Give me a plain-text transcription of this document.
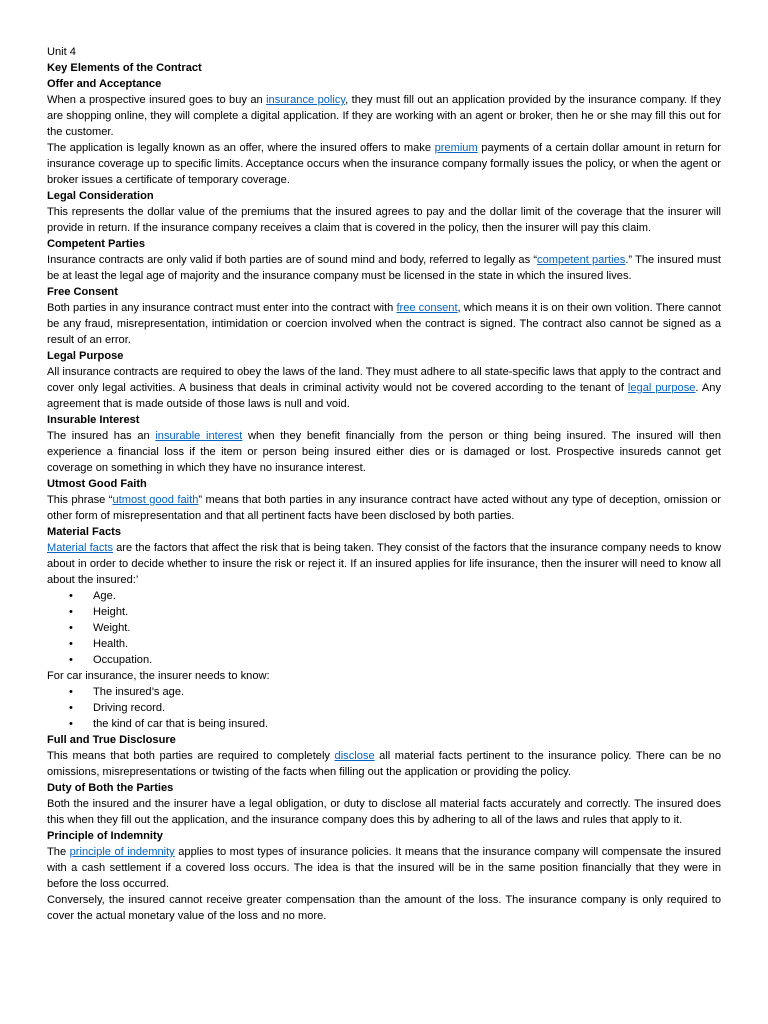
Unit 4
Key Elements of the Contract
Offer and Acceptance

When a prospective insured goes to buy an insurance policy, they must fill out an application provided by the insurance company. If they are shopping online, they will complete a digital application. If they are working with an agent or broker, then he or she may fill this out for the customer.

The application is legally known as an offer, where the insured offers to make premium payments of a certain dollar amount in return for insurance coverage up to specific limits. Acceptance occurs when the insurance company formally issues the policy, or when the agent or broker issues a certificate of temporary coverage.

Legal Consideration

This represents the dollar value of the premiums that the insured agrees to pay and the dollar limit of the coverage that the insurer will provide in return. If the insurance company receives a claim that is covered in the policy, then the insurer will pay this claim.

Competent Parties

Insurance contracts are only valid if both parties are of sound mind and body, referred to legally as “competent parties.” The insured must be at least the legal age of majority and the insurance company must be licensed in the state in which the insured lives.

Free Consent

Both parties in any insurance contract must enter into the contract with free consent, which means it is on their own volition. There cannot be any fraud, misrepresentation, intimidation or coercion involved when the contract is signed. The contract also cannot be signed as a result of an error.

Legal Purpose

All insurance contracts are required to obey the laws of the land. They must adhere to all state-specific laws that apply to the contract and cover only legal activities. A business that deals in criminal activity would not be covered according to the tenant of legal purpose. Any agreement that is made outside of those laws is null and void.

Insurable Interest

The insured has an insurable interest when they benefit financially from the person or thing being insured. The insured will then experience a financial loss if the item or person being insured either dies or is damaged or lost. Prospective insureds cannot get coverage on something in which they have no insurance interest.

Utmost Good Faith

This phrase “utmost good faith” means that both parties in any insurance contract have acted without any type of deception, omission or other form of misrepresentation and that all pertinent facts have been disclosed by both parties.

Material Facts

Material facts are the factors that affect the risk that is being taken. They consist of the factors that the insurance company needs to know about in order to decide whether to insure the risk or reject it. If an insured applies for life insurance, then the insurer will need to know all about the insured:’

• Age.
• Height.
• Weight.
• Health.
• Occupation.
For car insurance, the insurer needs to know:
• The insured’s age.
• Driving record.
• the kind of car that is being insured.
Full and True Disclosure

This means that both parties are required to completely disclose all material facts pertinent to the insurance policy. There can be no omissions, misrepresentations or twisting of the facts when filling out the application or providing the policy.

Duty of Both the Parties

Both the insured and the insurer have a legal obligation, or duty to disclose all material facts accurately and correctly. The insured does this when they fill out the application, and the insurance company does this by adhering to all of the laws and rules that apply to it.

Principle of Indemnity

The principle of indemnity applies to most types of insurance policies. It means that the insurance company will compensate the insured with a cash settlement if a covered loss occurs. The idea is that the insured will be in the same position financially that they were in before the loss occurred.

Conversely, the insured cannot receive greater compensation than the amount of the loss. The insurance company is only required to cover the actual monetary value of the loss and no more.
